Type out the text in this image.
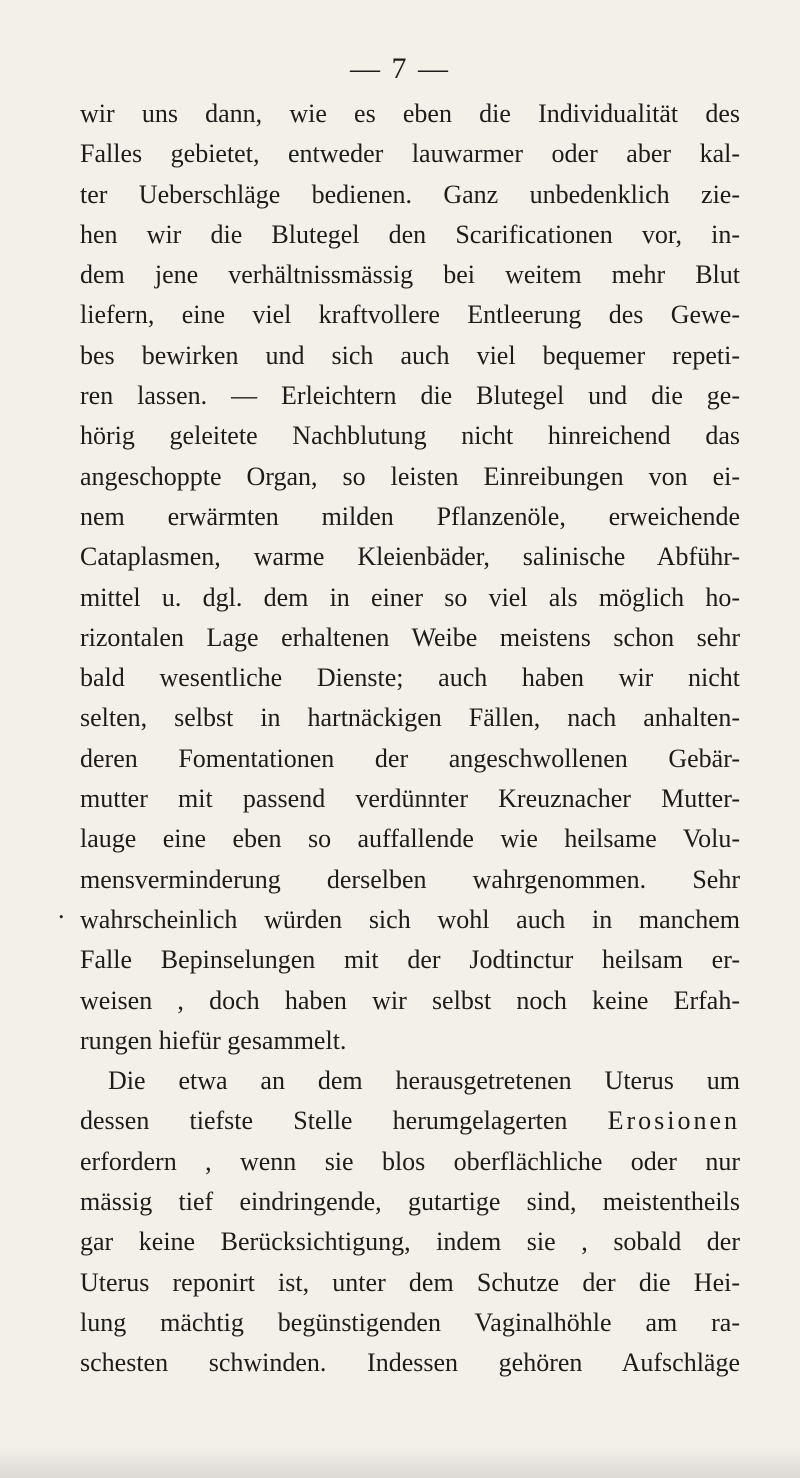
— 7 —
.
wir uns dann, wie es eben die Individualität des
Falles gebietet, entweder lauwarmer oder aber kal-
ter Ueberschläge bedienen. Ganz unbedenklich zie-
hen wir die Blutegel den Scarificationen vor, in-
dem jene verhältnissmässig bei weitem mehr Blut
liefern, eine viel kraftvollere Entleerung des Gewe-
bes bewirken und sich auch viel bequemer repeti-
ren lassen. — Erleichtern die Blutegel und die ge-
hörig geleitete Nachblutung nicht hinreichend das
angeschoppte Organ, so leisten Einreibungen von ei-
nem erwärmten milden Pflanzenöle, erweichende
Cataplasmen, warme Kleienbäder, salinische Abführ-
mittel u. dgl. dem in einer so viel als möglich ho-
rizontalen Lage erhaltenen Weibe meistens schon sehr
bald wesentliche Dienste; auch haben wir nicht
selten, selbst in hartnäckigen Fällen, nach anhalten-
deren Fomentationen der angeschwollenen Gebär-
mutter mit passend verdünnter Kreuznacher Mutter-
lauge eine eben so auffallende wie heilsame Volu-
mensverminderung derselben wahrgenommen. Sehr
wahrscheinlich würden sich wohl auch in manchem
Falle Bepinselungen mit der Jodtinctur heilsam er-
weisen , doch haben wir selbst noch keine Erfah-
rungen hiefür gesammelt.
Die etwa an dem herausgetretenen Uterus um
dessen tiefste Stelle herumgelagerten Erosionen
erfordern , wenn sie blos oberflächliche oder nur
mässig tief eindringende, gutartige sind, meistentheils
gar keine Berücksichtigung, indem sie , sobald der
Uterus reponirt ist, unter dem Schutze der die Hei-
lung mächtig begünstigenden Vaginalhöhle am ra-
schesten schwinden. Indessen gehören Aufschläge
